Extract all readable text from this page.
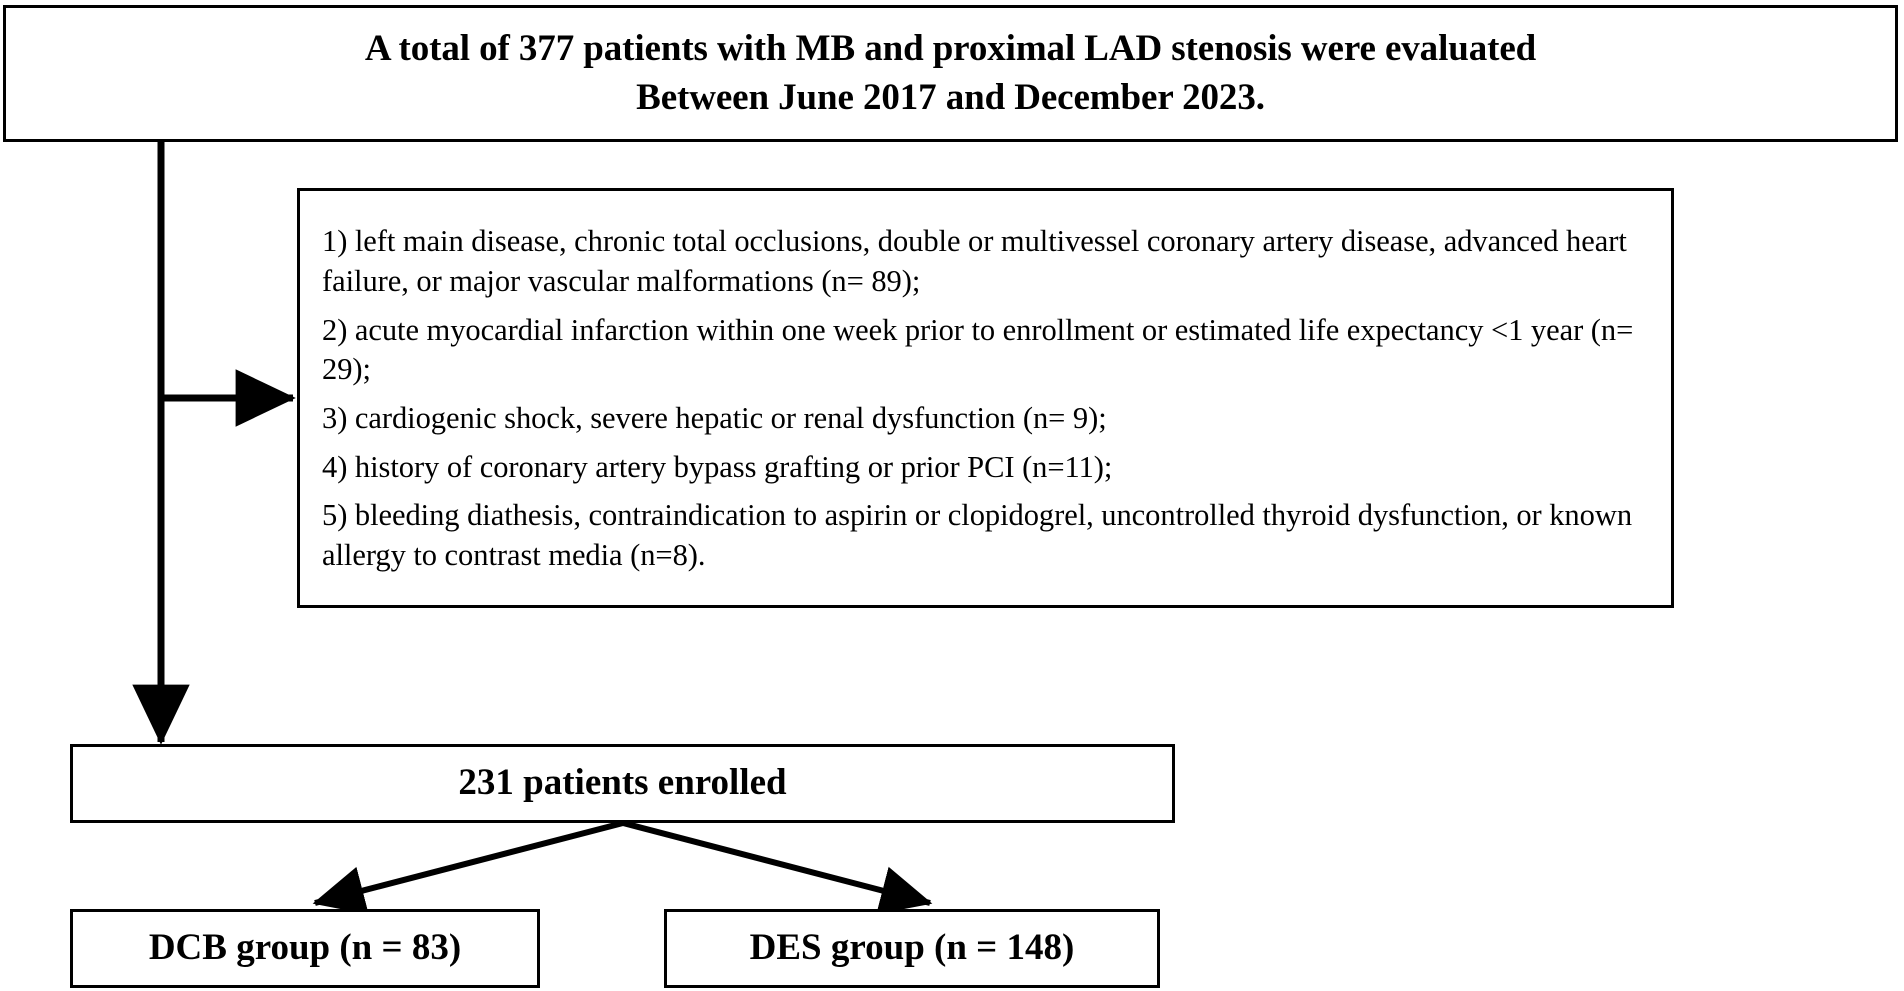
A total of 377 patients with MB and proximal LAD stenosis were evaluated
Between June 2017 and December 2023.

1) left main disease, chronic total occlusions, double or multivessel coronary artery disease, advanced heart failure, or major vascular malformations (n= 89);

2) acute myocardial infarction within one week prior to enrollment or estimated life expectancy <1 year (n= 29);

3) cardiogenic shock, severe hepatic or renal dysfunction (n= 9);

4) history of coronary artery bypass grafting or prior PCI (n=11);

5) bleeding diathesis, contraindication to aspirin or clopidogrel, uncontrolled thyroid dysfunction, or known allergy to contrast media (n=8).

231 patients enrolled
DCB group (n = 83)	DES group (n = 148)
